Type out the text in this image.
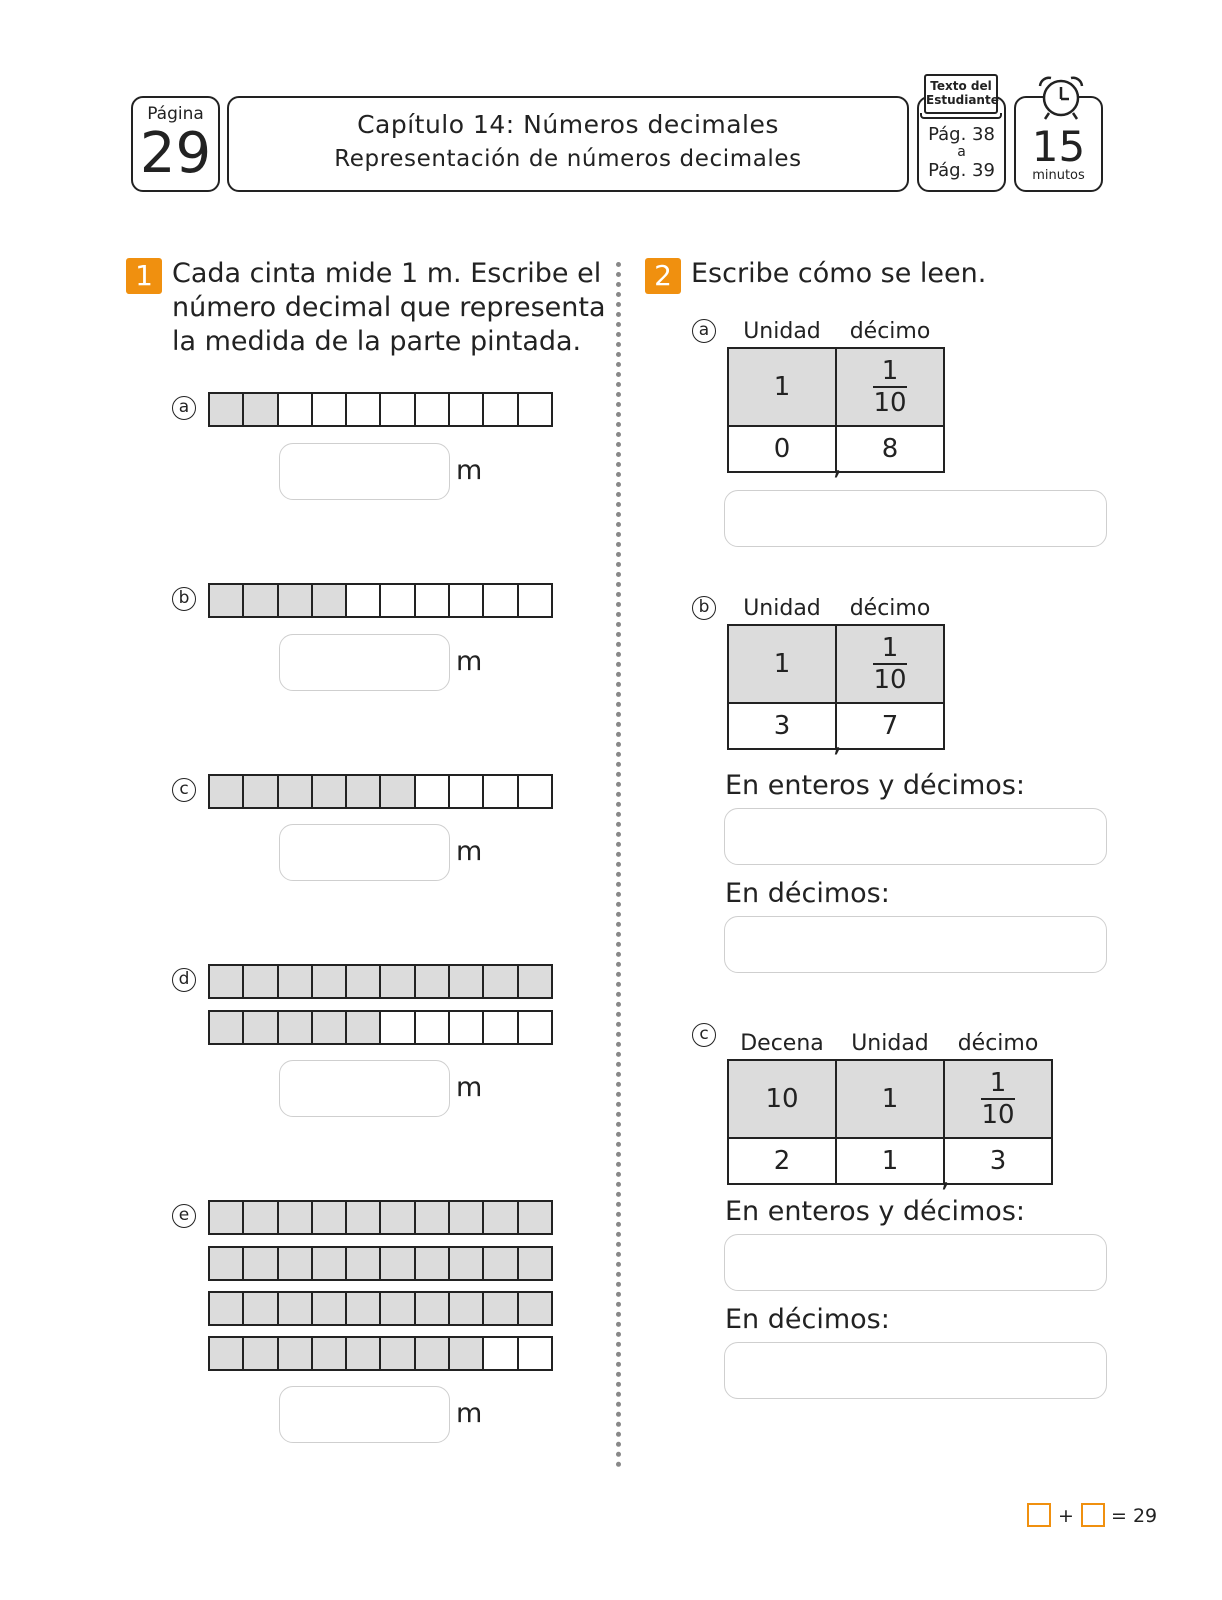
Página
29	Capítulo 14: Números decimales
Representación de números decimales
Texto del Estudiante
Pág. 38
a
Pág. 39 15
minutos
1 Cada cinta mide 1 m. Escribe el
número decimal que representa
la medida de la parte pintada.
a
m
b
m
c
m
d
m
e
m
2 Escribe cómo se leen.
a	Unidad	décimo
1	$\frac{1}{10}$
0 ,	8
b	Unidad	décimo
1	$\frac{1}{10}$
3 ,	7
En enteros y décimos:
En décimos:
c	Decena	Unidad	décimo
10	1	$\frac{1}{10}$
2	1 ,	3
En enteros y décimos:
En décimos:
+ = 29
